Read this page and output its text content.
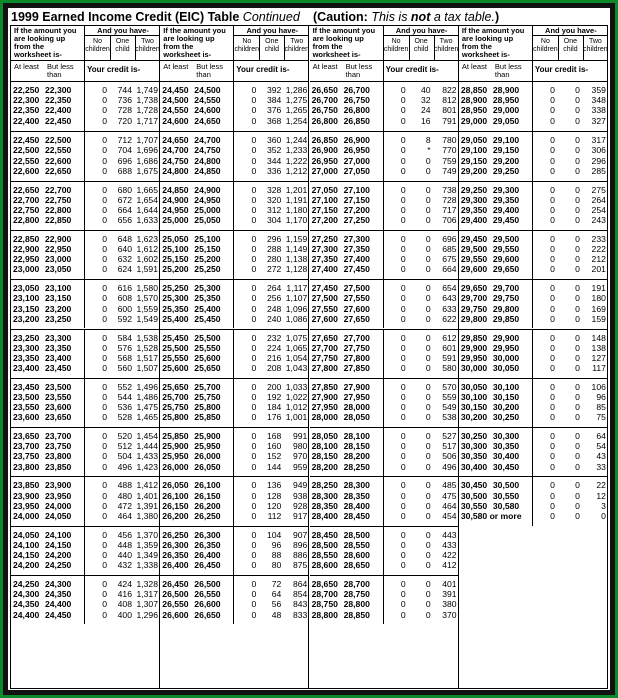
1999 Earned Income Credit (EIC) Table Continued (Caution: This is not a tax table.)
If the amount you are looking up from the worksheet is-
And you have-
No children
One child
Two children
At least	But less than
Your credit is-
22,250 22,300	0	744 1,749
22,300 22,350	0	736 1,738
22,350 22,400	0	728 1,728
22,400 22,450	0	720 1,717
22,450 22,500	0	712 1,707
22,500 22,550	0	704 1,696
22,550 22,600	0	696 1,686
22,600 22,650	0	688 1,675
22,650 22,700	0	680 1,665
22,700 22,750	0	672 1,654
22,750 22,800	0	664 1,644
22,800 22,850	0	656 1,633
22,850 22,900	0	648 1,623
22,900 22,950	0	640 1,612
22,950 23,000	0	632 1,602
23,000 23,050	0	624 1,591
23,050 23,100	0	616 1,580
23,100 23,150	0	608 1,570
23,150 23,200	0	600 1,559
23,200 23,250	0	592 1,549
23,250 23,300	0	584 1,538
23,300 23,350	0	576 1,528
23,350 23,400	0	568 1,517
23,400 23,450	0	560 1,507
23,450 23,500	0	552 1,496
23,500 23,550	0	544 1,486
23,550 23,600	0	536 1,475
23,600 23,650	0	528 1,465
23,650 23,700	0	520 1,454
23,700 23,750	0	512 1,444
23,750 23,800	0	504 1,433
23,800 23,850	0	496 1,423
23,850 23,900	0	488 1,412
23,900 23,950	0	480 1,401
23,950 24,000	0	472 1,391
24,000 24,050	0	464 1,380
24,050 24,100	0	456 1,370
24,100 24,150	0	448 1,359
24,150 24,200	0	440 1,349
24,200 24,250	0	432 1,338
24,250 24,300	0	424 1,328
24,300 24,350	0	416 1,317
24,350 24,400	0	408 1,307
24,400 24,450	0	400 1,296
If the amount you are looking up from the worksheet is-
And you have-
No children
One child
Two children
At least	But less than
Your credit is-
24,450 24,500	0	392 1,286
24,500 24,550	0	384 1,275
24,550 24,600	0	376 1,265
24,600 24,650	0	368 1,254
24,650 24,700	0	360 1,244
24,700 24,750	0	352 1,233
24,750 24,800	0	344 1,222
24,800 24,850	0	336 1,212
24,850 24,900	0	328 1,201
24,900 24,950	0	320 1,191
24,950 25,000	0	312 1,180
25,000 25,050	0	304 1,170
25,050 25,100	0	296 1,159
25,100 25,150	0	288 1,149
25,150 25,200	0	280 1,138
25,200 25,250	0	272 1,128
25,250 25,300	0	264 1,117
25,300 25,350	0	256 1,107
25,350 25,400	0	248 1,096
25,400 25,450	0	240 1,086
25,450 25,500	0	232 1,075
25,500 25,550	0	224 1,065
25,550 25,600	0	216 1,054
25,600 25,650	0	208 1,043
25,650 25,700	0	200 1,033
25,700 25,750	0	192 1,022
25,750 25,800	0	184 1,012
25,800 25,850	0	176 1,001
25,850 25,900	0	168	991
25,900 25,950	0	160	980
25,950 26,000	0	152	970
26,000 26,050	0	144	959
26,050 26,100	0	136	949
26,100 26,150	0	128	938
26,150 26,200	0	120	928
26,200 26,250	0	112	917
26,250 26,300	0	104	907
26,300 26,350	0	96	896
26,350 26,400	0	88	886
26,400 26,450	0	80	875
26,450 26,500	0	72	864
26,500 26,550	0	64	854
26,550 26,600	0	56	843
26,600 26,650	0	48	833
If the amount you are looking up from the worksheet is-
And you have-
No children
One child
Two children
At least	But less than
Your credit is-
26,650 26,700	0	40	822
26,700 26,750	0	32	812
26,750 26,800	0	24	801
26,800 26,850	0	16	791
26,850 26,900	0	8	780
26,900 26,950	0	*	770
26,950 27,000	0	0	759
27,000 27,050	0	0	749
27,050 27,100	0	0	738
27,100 27,150	0	0	728
27,150 27,200	0	0	717
27,200 27,250	0	0	706
27,250 27,300	0	0	696
27,300 27,350	0	0	685
27,350 27,400	0	0	675
27,400 27,450	0	0	664
27,450 27,500	0	0	654
27,500 27,550	0	0	643
27,550 27,600	0	0	633
27,600 27,650	0	0	622
27,650 27,700	0	0	612
27,700 27,750	0	0	601
27,750 27,800	0	0	591
27,800 27,850	0	0	580
27,850 27,900	0	0	570
27,900 27,950	0	0	559
27,950 28,000	0	0	549
28,000 28,050	0	0	538
28,050 28,100	0	0	527
28,100 28,150	0	0	517
28,150 28,200	0	0	506
28,200 28,250	0	0	496
28,250 28,300	0	0	485
28,300 28,350	0	0	475
28,350 28,400	0	0	464
28,400 28,450	0	0	454
28,450 28,500	0	0	443
28,500 28,550	0	0	433
28,550 28,600	0	0	422
28,600 28,650	0	0	412
28,650 28,700	0	0	401
28,700 28,750	0	0	391
28,750 28,800	0	0	380
28,800 28,850	0	0	370
If the amount you are looking up from the worksheet is-
And you have-
No children
One child
Two children
At least	But less than
Your credit is-
28,850 28,900	0	0	359
28,900 28,950	0	0	348
28,950 29,000	0	0	338
29,000 29,050	0	0	327
29,050 29,100	0	0	317
29,100 29,150	0	0	306
29,150 29,200	0	0	296
29,200 29,250	0	0	285
29,250 29,300	0	0	275
29,300 29,350	0	0	264
29,350 29,400	0	0	254
29,400 29,450	0	0	243
29,450 29,500	0	0	233
29,500 29,550	0	0	222
29,550 29,600	0	0	212
29,600 29,650	0	0	201
29,650 29,700	0	0	191
29,700 29,750	0	0	180
29,750 29,800	0	0	169
29,800 29,850	0	0	159
29,850 29,900	0	0	148
29,900 29,950	0	0	138
29,950 30,000	0	0	127
30,000 30,050	0	0	117
30,050 30,100	0	0	106
30,100 30,150	0	0	96
30,150 30,200	0	0	85
30,200 30,250	0	0	75
30,250 30,300	0	0	64
30,300 30,350	0	0	54
30,350 30,400	0	0	43
30,400 30,450	0	0	33
30,450 30,500	0	0	22
30,500 30,550	0	0	12
30,550 30,580	0	0	3
30,580 or more	0	0	0
